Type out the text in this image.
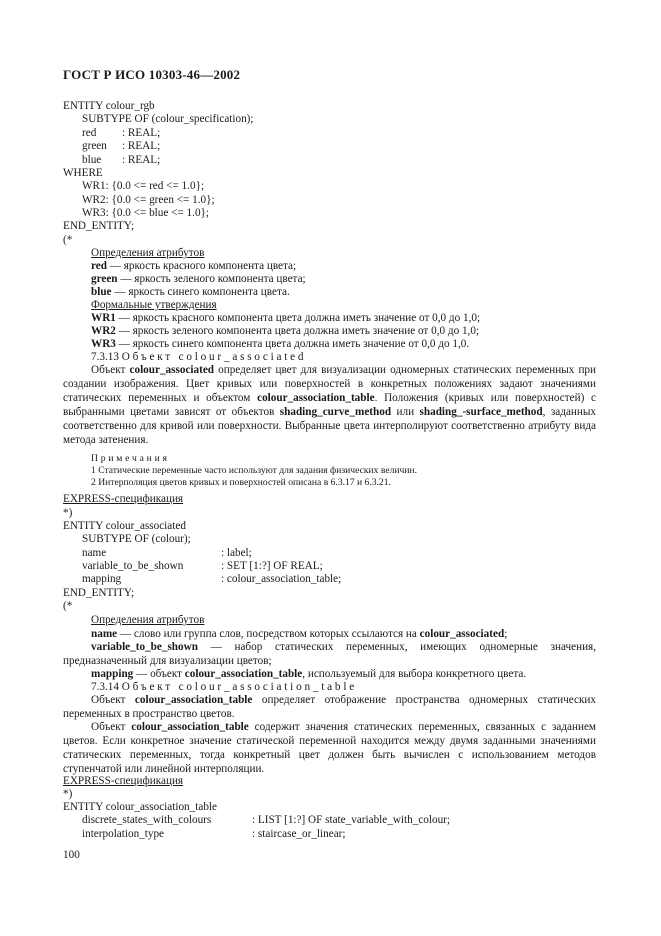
ГОСТ Р ИСО 10303-46—2002
ENTITY colour_rgb
SUBTYPE OF (colour_specification);
red : REAL;
green : REAL;
blue : REAL;
WHERE
WR1: {0.0 <= red <= 1.0};
WR2: {0.0 <= green <= 1.0};
WR3: {0.0 <= blue <= 1.0};
END_ENTITY;
(*
Определения атрибутов
red — яркость красного компонента цвета;
green — яркость зеленого компонента цвета;
blue — яркость синего компонента цвета.
Формальные утверждения
WR1 — яркость красного компонента цвета должна иметь значение от 0,0 до 1,0;
WR2 — яркость зеленого компонента цвета должна иметь значение от 0,0 до 1,0;
WR3 — яркость синего компонента цвета должна иметь значение от 0,0 до 1,0.
7.3.13 Объект colour_associated
Объект colour_associated определяет цвет для визуализации одномерных статических переменных при создании изображения. Цвет кривых или поверхностей в конкретных положениях задают значениями статических переменных и объектом colour_association_table. Положения (кривых или поверхностей) с выбранными цветами зависят от объектов shading_curve_method или shading_-surface_method, заданных соответственно для кривой или поверхности. Выбранные цвета интерполируют соответственно атрибуту вида метода затенения.
Примечания
1 Статические переменные часто используют для задания физических величин.
2 Интерполяция цветов кривых и поверхностей описана в 6.3.17 и 6.3.21.
EXPRESS-спецификация
*)
ENTITY colour_associated
SUBTYPE OF (colour);
name	: label;
variable_to_be_shown	: SET [1:?] OF REAL;
mapping	: colour_association_table;
END_ENTITY;
(*
Определения атрибутов
name — слово или группа слов, посредством которых ссылаются на colour_associated;
variable_to_be_shown — набор статических переменных, имеющих одномерные значения, предназначенный для визуализации цветов;
mapping — объект colour_association_table, используемый для выбора конкретного цвета.
7.3.14 Объект colour_association_table
Объект colour_association_table определяет отображение пространства одномерных статических переменных в пространство цветов.
Объект colour_association_table содержит значения статических переменных, связанных с заданием цветов. Если конкретное значение статической переменной находится между двумя заданными значениями статических переменных, тогда конкретный цвет должен быть вычислен с использованием методов ступенчатой или линейной интерполяции.
EXPRESS-спецификация
*)
ENTITY colour_association_table
discrete_states_with_colours	: LIST [1:?] OF state_variable_with_colour;
interpolation_type	: staircase_or_linear;
100
